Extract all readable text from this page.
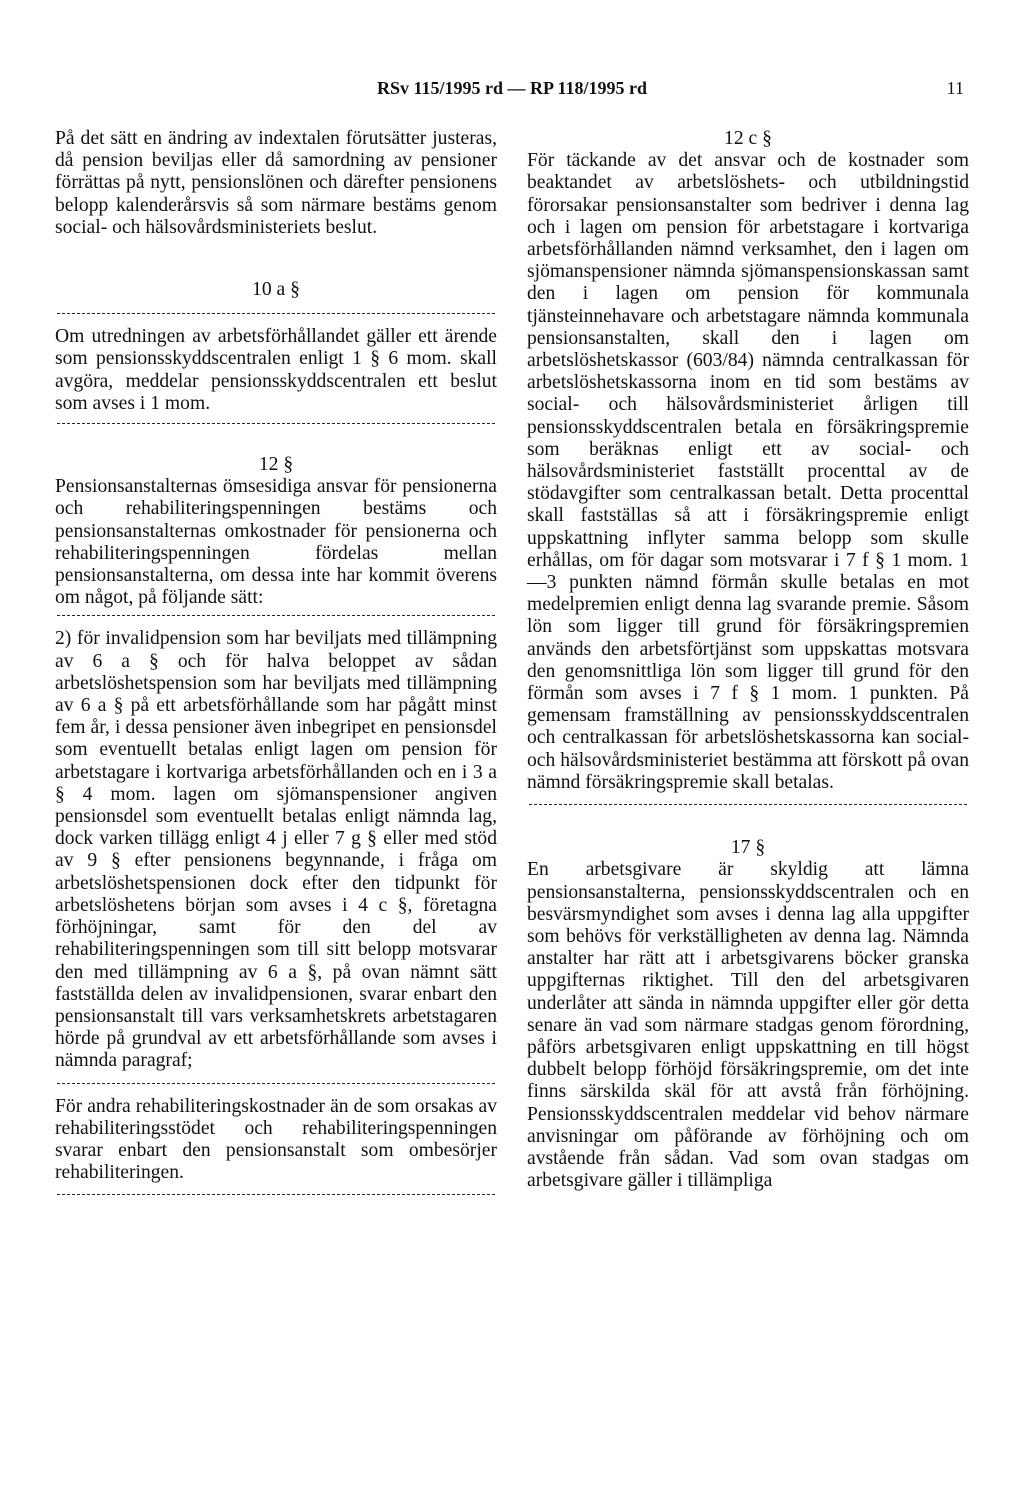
RSv 115/1995 rd — RP 118/1995 rd	11

På det sätt en ändring av indextalen förutsätter justeras, då pension beviljas eller då samordning av pensioner förrättas på nytt, pensionslönen och därefter pensionens belopp kalenderårsvis så som närmare bestäms genom social- och hälsovårdsministeriets beslut.

10 a §

Om utredningen av arbetsförhållandet gäller ett ärende som pensionsskyddscentralen enligt 1 § 6 mom. skall avgöra, meddelar pensionsskyddscentralen ett beslut som avses i 1 mom.

12 §

Pensionsanstalternas ömsesidiga ansvar för pensionerna och rehabiliteringspenningen bestäms och pensionsanstalternas omkostnader för pensionerna och rehabiliteringspenningen fördelas mellan pensionsanstalterna, om dessa inte har kommit överens om något, på följande sätt:

2) för invalidpension som har beviljats med tillämpning av 6 a § och för halva beloppet av sådan arbetslöshetspension som har beviljats med tillämpning av 6 a § på ett arbetsförhållande som har pågått minst fem år, i dessa pensioner även inbegripet en pensionsdel som eventuellt betalas enligt lagen om pension för arbetstagare i kortvariga arbetsförhållanden och en i 3 a § 4 mom. lagen om sjömanspensioner angiven pensionsdel som eventuellt betalas enligt nämnda lag, dock varken tillägg enligt 4 j eller 7 g § eller med stöd av 9 § efter pensionens begynnande, i fråga om arbetslöshetspensionen dock efter den tidpunkt för arbetslöshetens början som avses i 4 c §, företagna förhöjningar, samt för den del av rehabiliteringspenningen som till sitt belopp motsvarar den med tillämpning av 6 a §, på ovan nämnt sätt fastställda delen av invalidpensionen, svarar enbart den pensionsanstalt till vars verksamhetskrets arbetstagaren hörde på grundval av ett arbetsförhållande som avses i nämnda paragraf;

För andra rehabiliteringskostnader än de som orsakas av rehabiliteringsstödet och rehabiliteringspenningen svarar enbart den pensionsanstalt som ombesörjer rehabiliteringen.

12 c §

För täckande av det ansvar och de kostnader som beaktandet av arbetslöshets- och utbildningstid förorsakar pensionsanstalter som bedriver i denna lag och i lagen om pension för arbetstagare i kortvariga arbetsförhållanden nämnd verksamhet, den i lagen om sjömanspensioner nämnda sjömanspensionskassan samt den i lagen om pension för kommunala tjänsteinnehavare och arbetstagare nämnda kommunala pensionsanstalten, skall den i lagen om arbetslöshetskassor (603/84) nämnda centralkassan för arbetslöshetskassorna inom en tid som bestäms av social- och hälsovårdsministeriet årligen till pensionsskyddscentralen betala en försäkringspremie som beräknas enligt ett av social- och hälsovårdsministeriet fastställt procenttal av de stödavgifter som centralkassan betalt. Detta procenttal skall fastställas så att i försäkringspremie enligt uppskattning inflyter samma belopp som skulle erhållas, om för dagar som motsvarar i 7 f § 1 mom. 1—3 punkten nämnd förmån skulle betalas en mot medelpremien enligt denna lag svarande premie. Såsom lön som ligger till grund för försäkringspremien används den arbetsförtjänst som uppskattas motsvara den genomsnittliga lön som ligger till grund för den förmån som avses i 7 f § 1 mom. 1 punkten. På gemensam framställning av pensionsskyddscentralen och centralkassan för arbetslöshetskassorna kan social- och hälsovårdsministeriet bestämma att förskott på ovan nämnd försäkringspremie skall betalas.

17 §

En arbetsgivare är skyldig att lämna pensionsanstalterna, pensionsskyddscentralen och en besvärsmyndighet som avses i denna lag alla uppgifter som behövs för verkställigheten av denna lag. Nämnda anstalter har rätt att i arbetsgivarens böcker granska uppgifternas riktighet. Till den del arbetsgivaren underlåter att sända in nämnda uppgifter eller gör detta senare än vad som närmare stadgas genom förordning, påförs arbetsgivaren enligt uppskattning en till högst dubbelt belopp förhöjd försäkringspremie, om det inte finns särskilda skäl för att avstå från förhöjning. Pensionsskyddscentralen meddelar vid behov närmare anvisningar om påförande av förhöjning och om avstående från sådan. Vad som ovan stadgas om arbetsgivare gäller i tillämpliga
